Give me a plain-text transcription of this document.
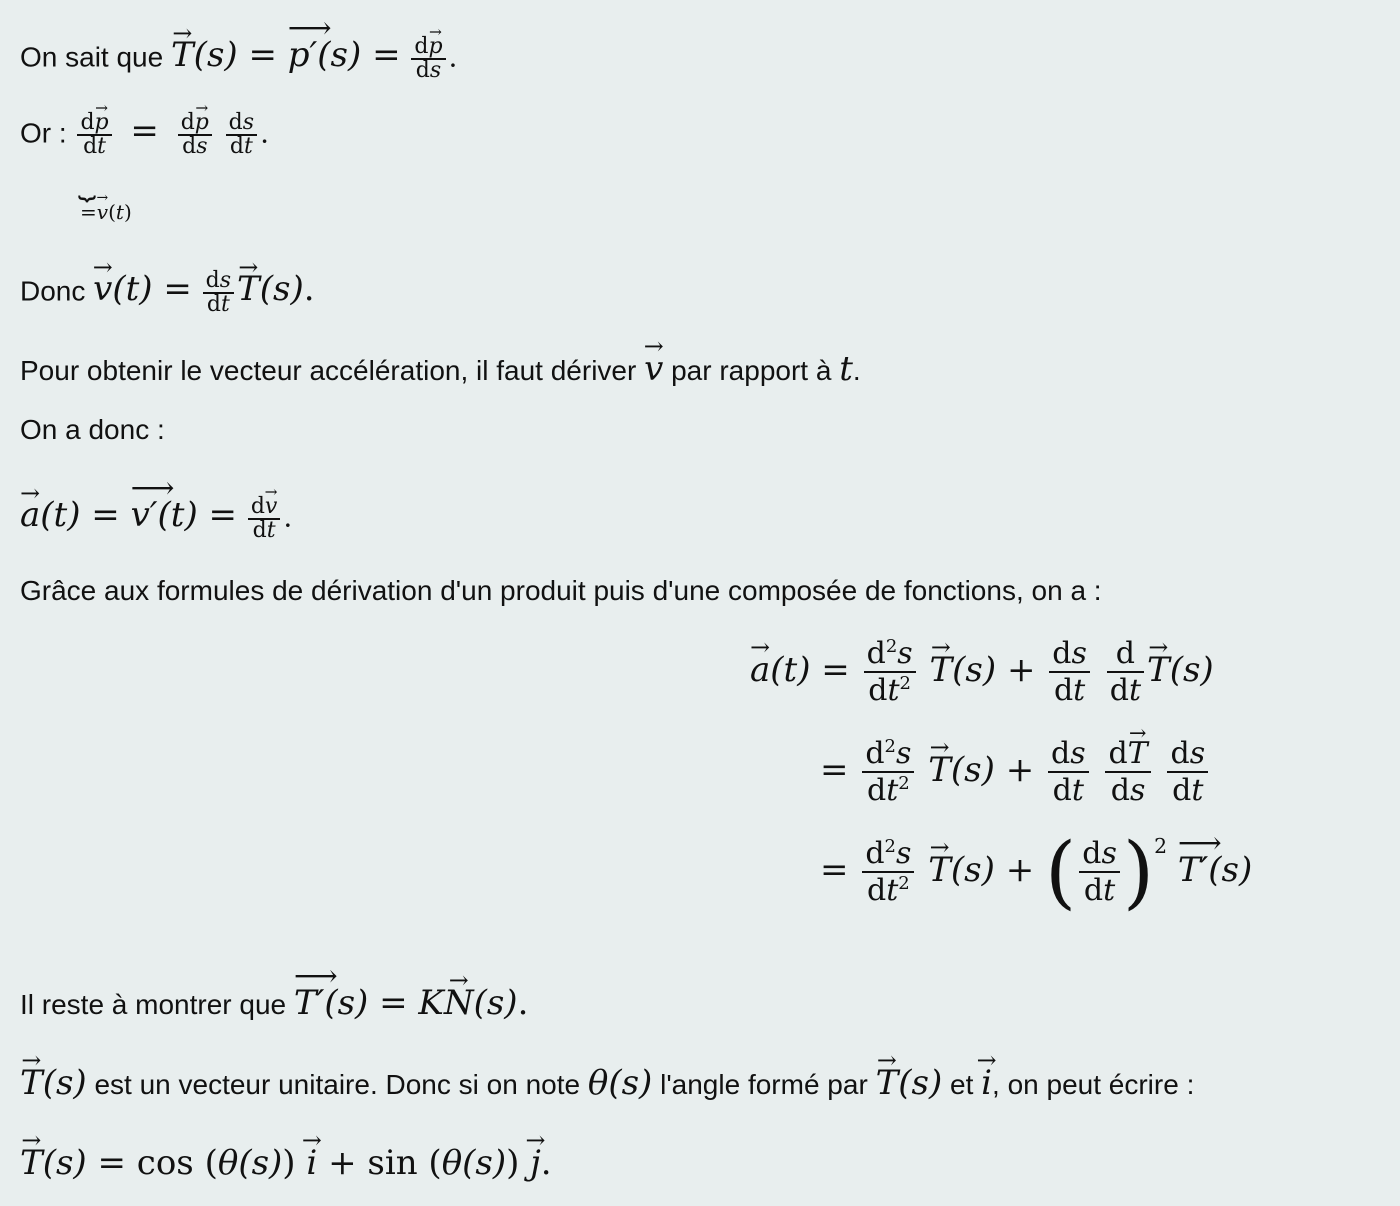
On sait que → T(s) = ⟶ $p'(s) = \frac{d\to p}{ds}$ .
Or : $\frac{d\to p}{dt} = \frac{d\to p}{ds}$
$\frac{ds}{dt}$ .
⏟
=→ v(t)
Donc → $v(t) = \frac{ds}{dt}$
→ T(s).
Pour obtenir le vecteur accélération, il faut dériver → v par rapport à t.
On a donc :
→ a(t) = ⟶ $v'(t) = \frac{d\to v}{dt}$ .
Grâce aux formules de dérivation d'un produit puis d'une composée de fonctions, on a :
→ $a(t) = \frac{d^2s}{dt^2}$
→ $T(s) + \frac{ds}{dt}$
$\frac{d}{dt}$
→ T(s)
= $\frac{d^2s}{dt^2}$
→ $T(s) + \frac{ds}{dt}$
$\frac{d\to T}{ds}$
$\frac{ds}{dt}$
= $\frac{d^2s}{dt^2}$
→ T(s) + ( $\frac{ds}{dt} )^2$ ⟶ T′(s)
Il reste à montrer que ⟶ T′(s) = K→ N(s).
→ T(s) est un vecteur unitaire. Donc si on note θ(s) l'angle formé par → T(s) et → i, on peut écrire :
→ T(s) = cos (θ(s)) → i + sin (θ(s)) → j.
